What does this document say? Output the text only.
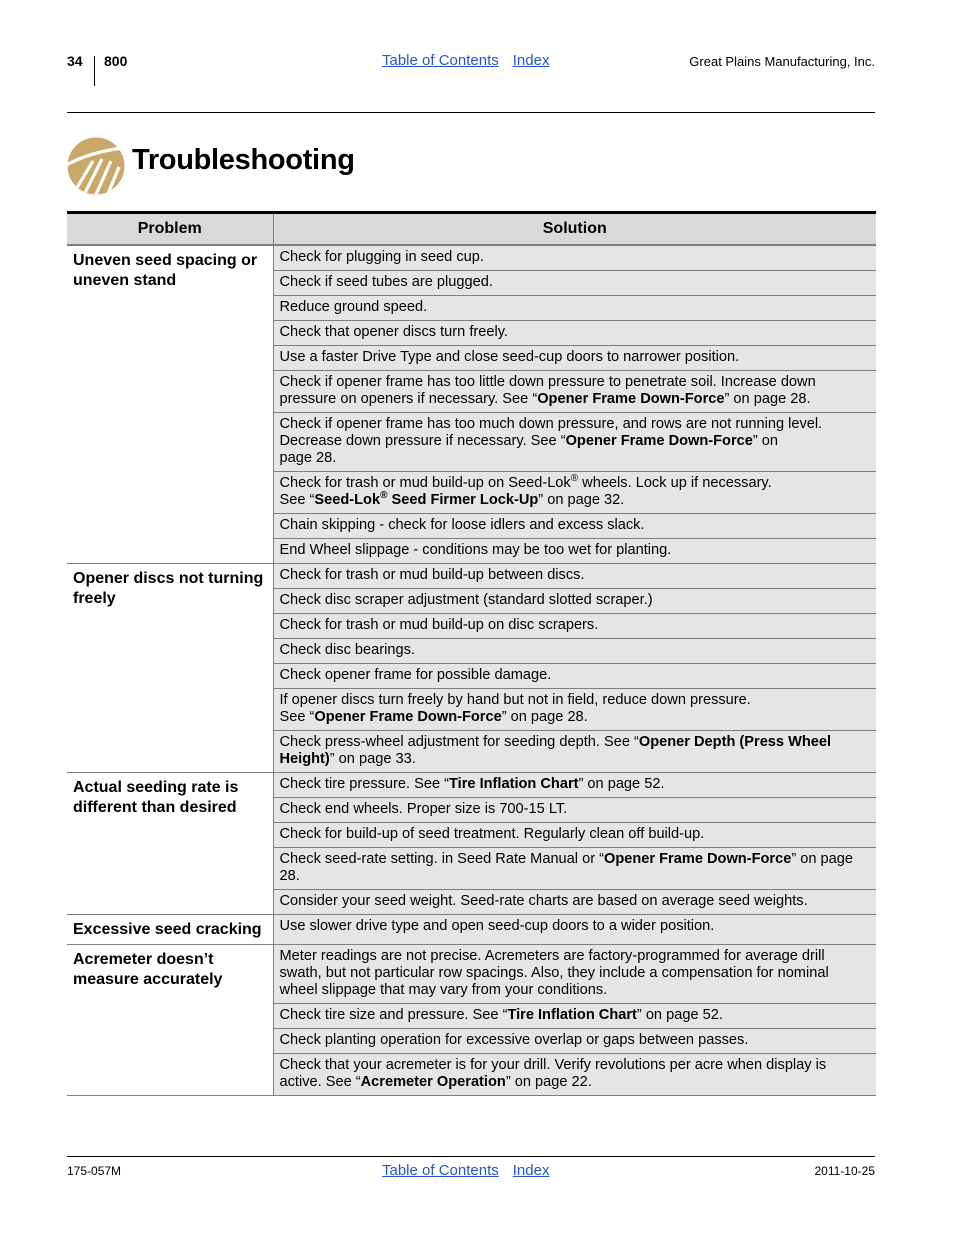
34 800	Table of Contents Index	Great Plains Manufacturing, Inc.
Troubleshooting
Problem	Solution
Uneven seed spacing or uneven stand	Check for plugging in seed cup.
	Check if seed tubes are plugged.
	Reduce ground speed.
	Check that opener discs turn freely.
	Use a faster Drive Type and close seed-cup doors to narrower position.
	Check if opener frame has too little down pressure to penetrate soil. Increase down pressure on openers if necessary. See “Opener Frame Down-Force” on page 28.
	Check if opener frame has too much down pressure, and rows are not running level. Decrease down pressure if necessary. See “Opener Frame Down-Force” on
page 28.
	Check for trash or mud build-up on Seed-Lok® wheels. Lock up if necessary.
See “Seed-Lok® Seed Firmer Lock-Up” on page 32.
	Chain skipping - check for loose idlers and excess slack.
	End Wheel slippage - conditions may be too wet for planting.
Opener discs not turning freely	Check for trash or mud build-up between discs.
	Check disc scraper adjustment (standard slotted scraper.)
	Check for trash or mud build-up on disc scrapers.
	Check disc bearings.
	Check opener frame for possible damage.
	If opener discs turn freely by hand but not in field, reduce down pressure.
See “Opener Frame Down-Force” on page 28.
	Check press-wheel adjustment for seeding depth. See “Opener Depth (Press Wheel Height)” on page 33.
Actual seeding rate is different than desired	Check tire pressure. See “Tire Inflation Chart” on page 52.
	Check end wheels. Proper size is 700-15 LT.
	Check for build-up of seed treatment. Regularly clean off build-up.
	Check seed-rate setting. in Seed Rate Manual or “Opener Frame Down-Force” on page 28.
	Consider your seed weight. Seed-rate charts are based on average seed weights.
Excessive seed cracking	Use slower drive type and open seed-cup doors to a wider position.
Acremeter doesn’t measure accurately	Meter readings are not precise. Acremeters are factory-programmed for average drill swath, but not particular row spacings. Also, they include a compensation for nominal wheel slippage that may vary from your conditions.
	Check tire size and pressure. See “Tire Inflation Chart” on page 52.
	Check planting operation for excessive overlap or gaps between passes.
	Check that your acremeter is for your drill. Verify revolutions per acre when display is active. See “Acremeter Operation” on page 22.
175-057M	Table of Contents Index	2011-10-25
